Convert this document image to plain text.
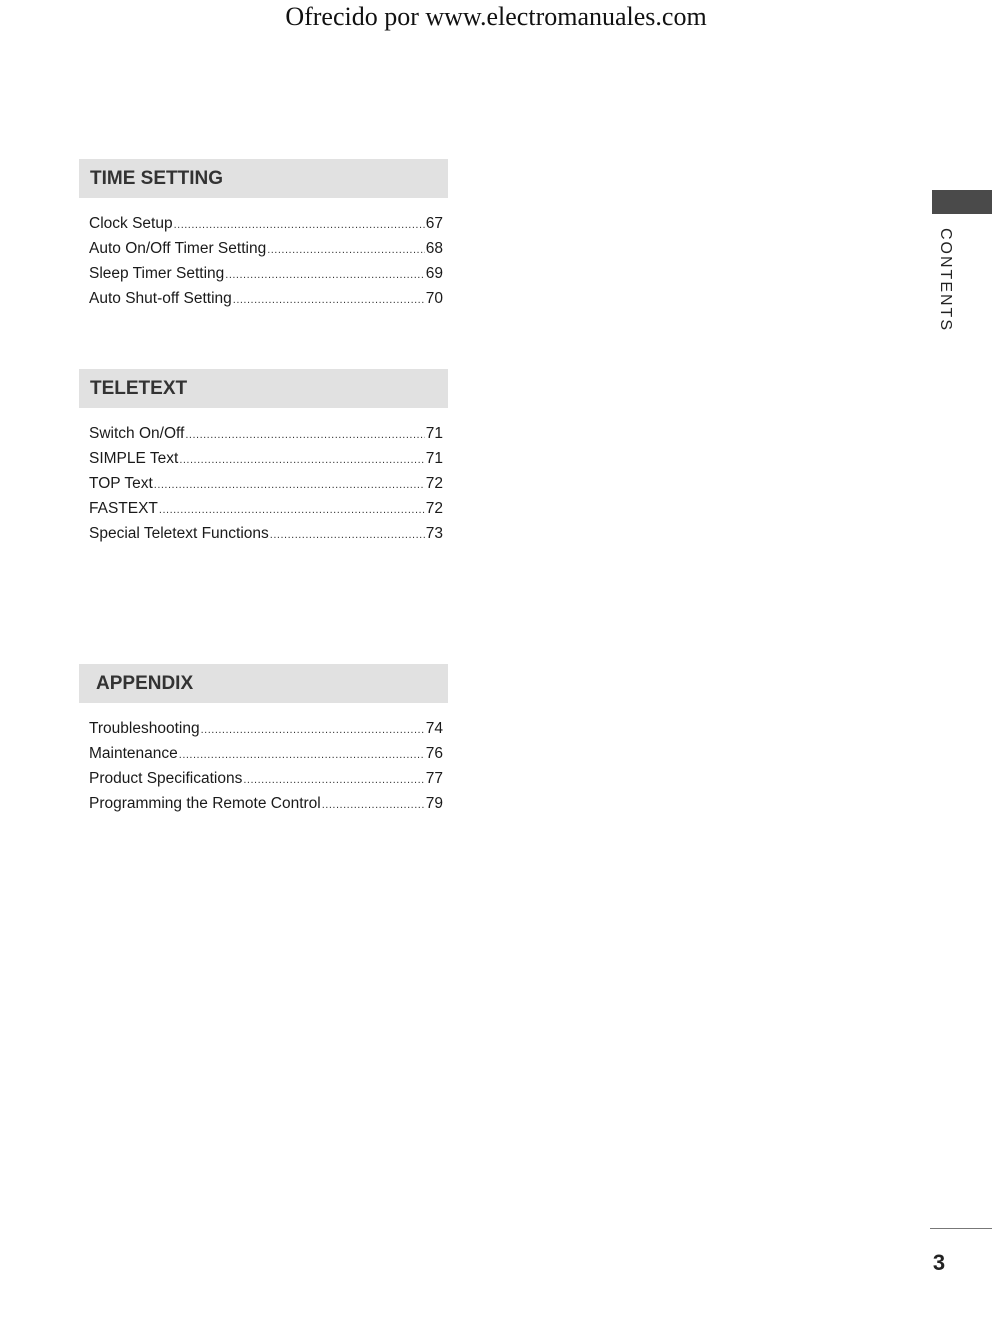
Ofrecido por www.electromanuales.com
TIME SETTING
Clock Setup .....	67
Auto On/Off Timer Setting .....	68
Sleep Timer Setting .....	69
Auto Shut-off Setting .....	70
TELETEXT
Switch On/Off .....	71
SIMPLE Text .....	71
TOP Text .....	72
FASTEXT .....	72
Special Teletext Functions .....	73
APPENDIX
Troubleshooting .....	74
Maintenance .....	76
Product Specifications .....	77
Programming the Remote Control .....	79
CONTENTS
3
